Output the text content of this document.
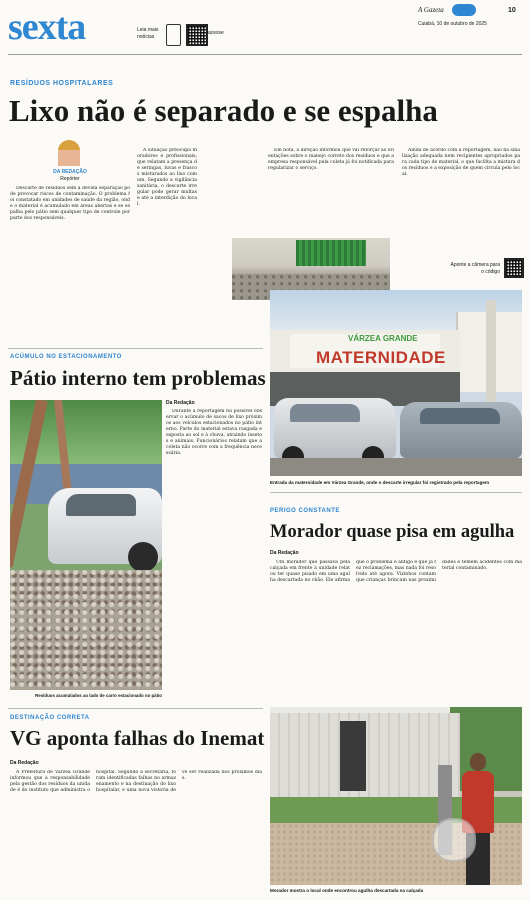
sexta	Leia mais
notícias
acesse
A Gazeta	10
Cuiabá, 10 de outubro de 2025
RESÍDUOS HOSPITALARES
Lixo não é separado e se espalha
DA REDAÇÃO
Repórter

Descarte de resíduos sem a devida separação pode provocar riscos de contaminação. O problema foi constatado em unidades de saúde da região, onde o material é acumulado em áreas abertas e se espalha pelo pátio sem qualquer tipo de controle por parte dos responsáveis.

A situação preocupa moradores e profissionais, que relatam a presença de seringas, luvas e frascos misturados ao lixo comum. Segundo a vigilância sanitária, o descarte irregular pode gerar multas e até a interdição do local.

Em nota, a direção informou que vai reforçar as orientações sobre o manejo correto dos resíduos e que a empresa responsável pela coleta já foi notificada para regularizar o serviço.

Ainda de acordo com a reportagem, não há sinalização adequada nem recipientes apropriados para cada tipo de material, o que facilita a mistura dos resíduos e a exposição de quem circula pelo local.

Aponte a câmera para o código
VÁRZEA GRANDE
MATERNIDADE
Entrada da maternidade em Várzea Grande, onde o descarte irregular foi registrado pela reportagem
ACÚMULO NO ESTACIONAMENTO
Pátio interno tem problemas
Resíduos acumulados ao lado de carro estacionado no pátio
Da Redação

Durante a reportagem foi possível observar o acúmulo de sacos de lixo próximos aos veículos estacionados no pátio interno. Parte do material estava rasgada e exposta ao sol e à chuva, atraindo insetos e animais. Funcionários relatam que a coleta não ocorre com a frequência necessária.

PERIGO CONSTANTE
Morador quase pisa em agulha
Da Redação

Um morador que passava pela calçada em frente à unidade relatou ter quase pisado em uma agulha descartada no chão. Ele afirma que o problema é antigo e que já fez reclamações, mas nada foi resolvido até agora. Vizinhos contam que crianças brincam nas proximidades e temem acidentes com material contaminado.

Morador mostra o local onde encontrou agulha descartada na calçada
DESTINAÇÃO CORRETA
VG aponta falhas do Inemat
Da Redação

A Prefeitura de Várzea Grande informou que a responsabilidade pela gestão dos resíduos da unidade é do instituto que administra o hospital. Segundo a secretaria, foram identificadas falhas no armazenamento e na destinação do lixo hospitalar, e uma nova vistoria deve ser realizada nos próximos dias.
